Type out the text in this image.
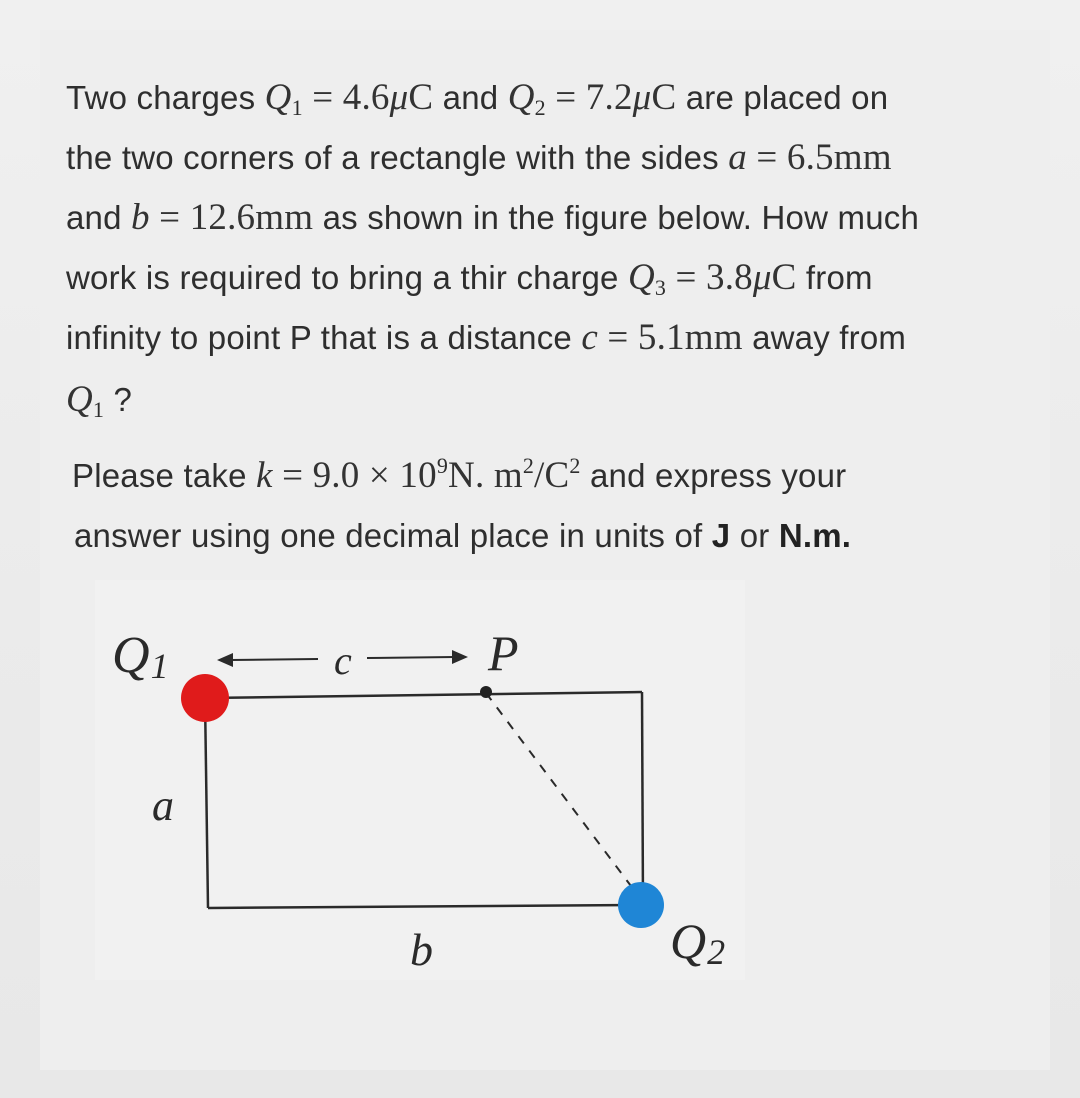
Two charges $Q_1 = 4.6\mu C$ and $Q_2 = 7.2\mu C$ are placed on
the two corners of a rectangle with the sides a = 6.5mm
and b = 12.6mm as shown in the figure below. How much
work is required to bring a thir charge $Q_3 = 3.8\mu C$ from
infinity to point P that is a distance c = 5.1mm away from
$Q_1$ ?
Please take $k = 9.0 \times 10^9N$. $m^2/C^2$ and express your
answer using one decimal place in units of J or N.m.
Q1	c	P
a
b	Q2
